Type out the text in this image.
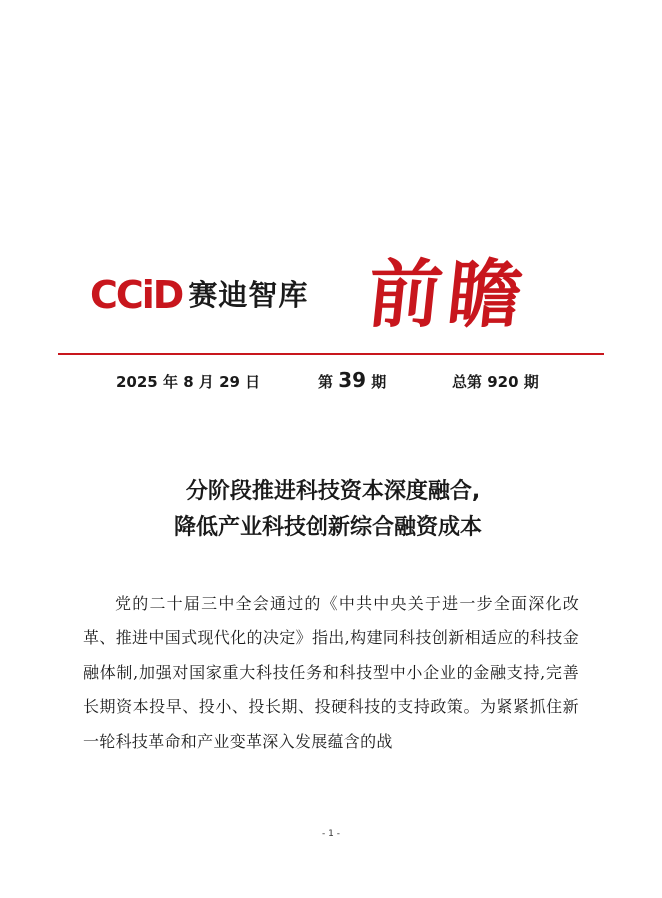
CCiD 赛迪智库 前瞻
2025 年 8 月 29 日	第 39 期	总第 920 期
分阶段推进科技资本深度融合,
降低产业科技创新综合融资成本

党的二十届三中全会通过的《中共中央关于进一步全面深化改革、推进中国式现代化的决定》指出,构建同科技创新相适应的科技金融体制,加强对国家重大科技任务和科技型中小企业的金融支持,完善长期资本投早、投小、投长期、投硬科技的支持政策。为紧紧抓住新一轮科技革命和产业变革深入发展蕴含的战

- 1 -
